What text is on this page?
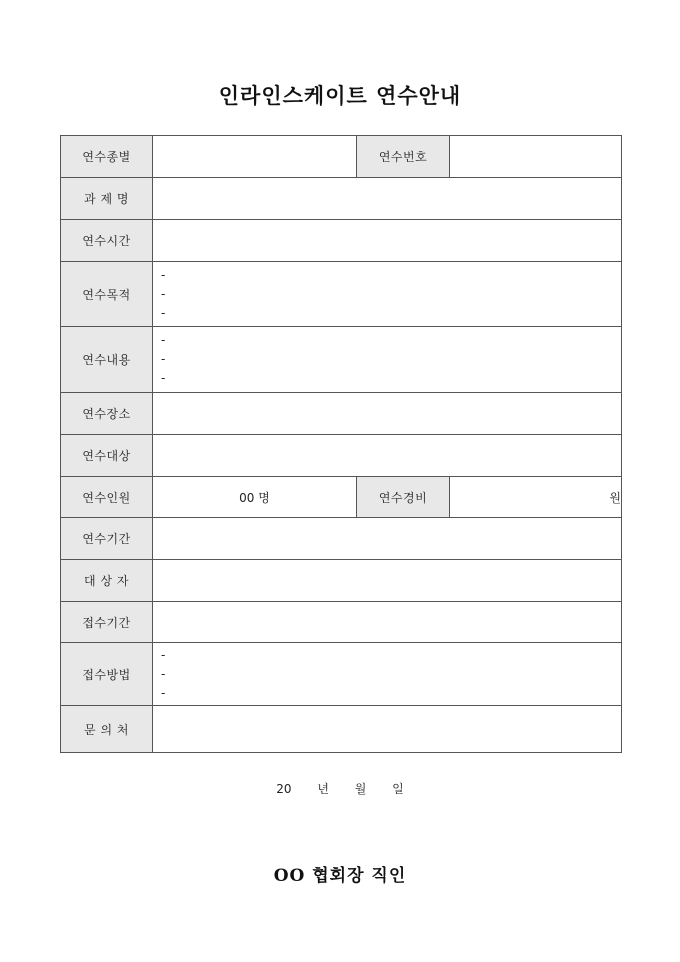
인라인스케이트 연수안내
연수종별		연수번호	
과 제 명			
연수시간			
연수목적	-
-
-		

연수내용	-
-
-		

연수장소			
연수대상			
연수인원	00 명	연수경비	원
연수기간			
대 상 자			
접수기간			
접수방법	-
-
-		

문 의 처			
20 년 월 일
OO 협회장 직인
